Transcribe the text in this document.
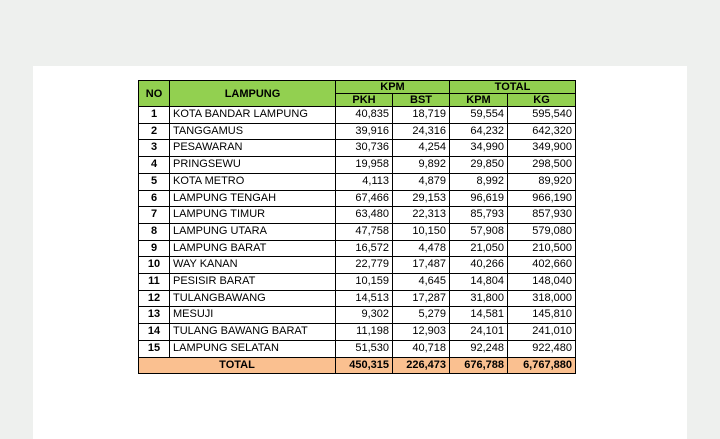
NO	LAMPUNG	KPM		TOTAL	
		PKH	BST	KPM	KG
1	KOTA BANDAR LAMPUNG	40,835	18,719	59,554	595,540
2	TANGGAMUS	39,916	24,316	64,232	642,320
3	PESAWARAN	30,736	4,254	34,990	349,900
4	PRINGSEWU	19,958	9,892	29,850	298,500
5	KOTA METRO	4,113	4,879	8,992	89,920
6	LAMPUNG TENGAH	67,466	29,153	96,619	966,190
7	LAMPUNG TIMUR	63,480	22,313	85,793	857,930
8	LAMPUNG UTARA	47,758	10,150	57,908	579,080
9	LAMPUNG BARAT	16,572	4,478	21,050	210,500
10	WAY KANAN	22,779	17,487	40,266	402,660
11	PESISIR BARAT	10,159	4,645	14,804	148,040
12	TULANGBAWANG	14,513	17,287	31,800	318,000
13	MESUJI	9,302	5,279	14,581	145,810
14	TULANG BAWANG BARAT	11,198	12,903	24,101	241,010
15	LAMPUNG SELATAN	51,530	40,718	92,248	922,480
TOTAL		450,315	226,473	676,788	6,767,880
